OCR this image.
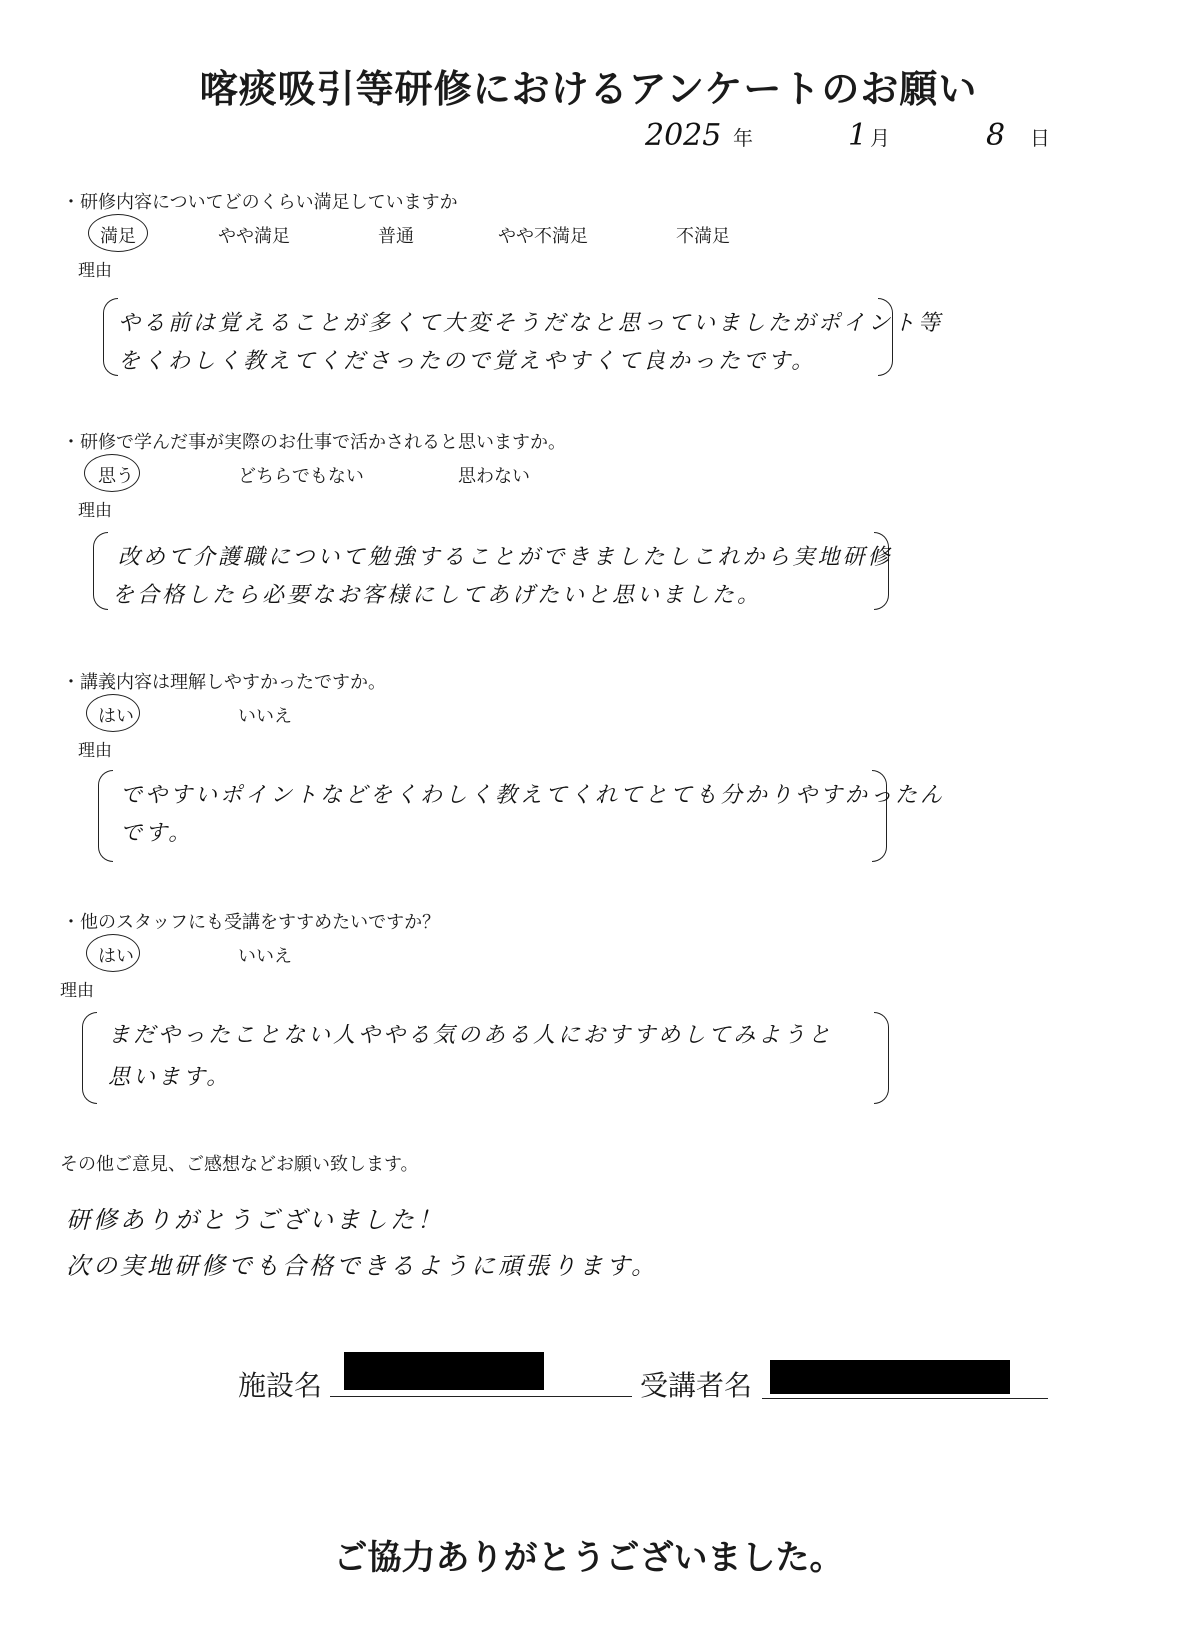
喀痰吸引等研修におけるアンケートのお願い
2025 年	1 月	8 日
・研修内容についてどのくらい満足していますか
満足	やや満足	普通	やや不満足	不満足
理由
やる前は覚えることが多くて大変そうだなと思っていましたがポイント等
をくわしく教えてくださったので覚えやすくて良かったです。
・研修で学んだ事が実際のお仕事で活かされると思いますか。
思う	どちらでもない	思わない
理由
改めて介護職について勉強することができましたしこれから実地研修
を合格したら必要なお客様にしてあげたいと思いました。
・講義内容は理解しやすかったですか。
はい	いいえ
理由
でやすいポイントなどをくわしく教えてくれてとても分かりやすかったん
です。
・他のスタッフにも受講をすすめたいですか？
はい	いいえ
理由
まだやったことない人ややる気のある人におすすめしてみようと
思います。
その他ご意見、ご感想などお願い致します。
研修ありがとうございました！
次の実地研修でも合格できるように頑張ります。
施設名	受講者名
ご協力ありがとうございました。
